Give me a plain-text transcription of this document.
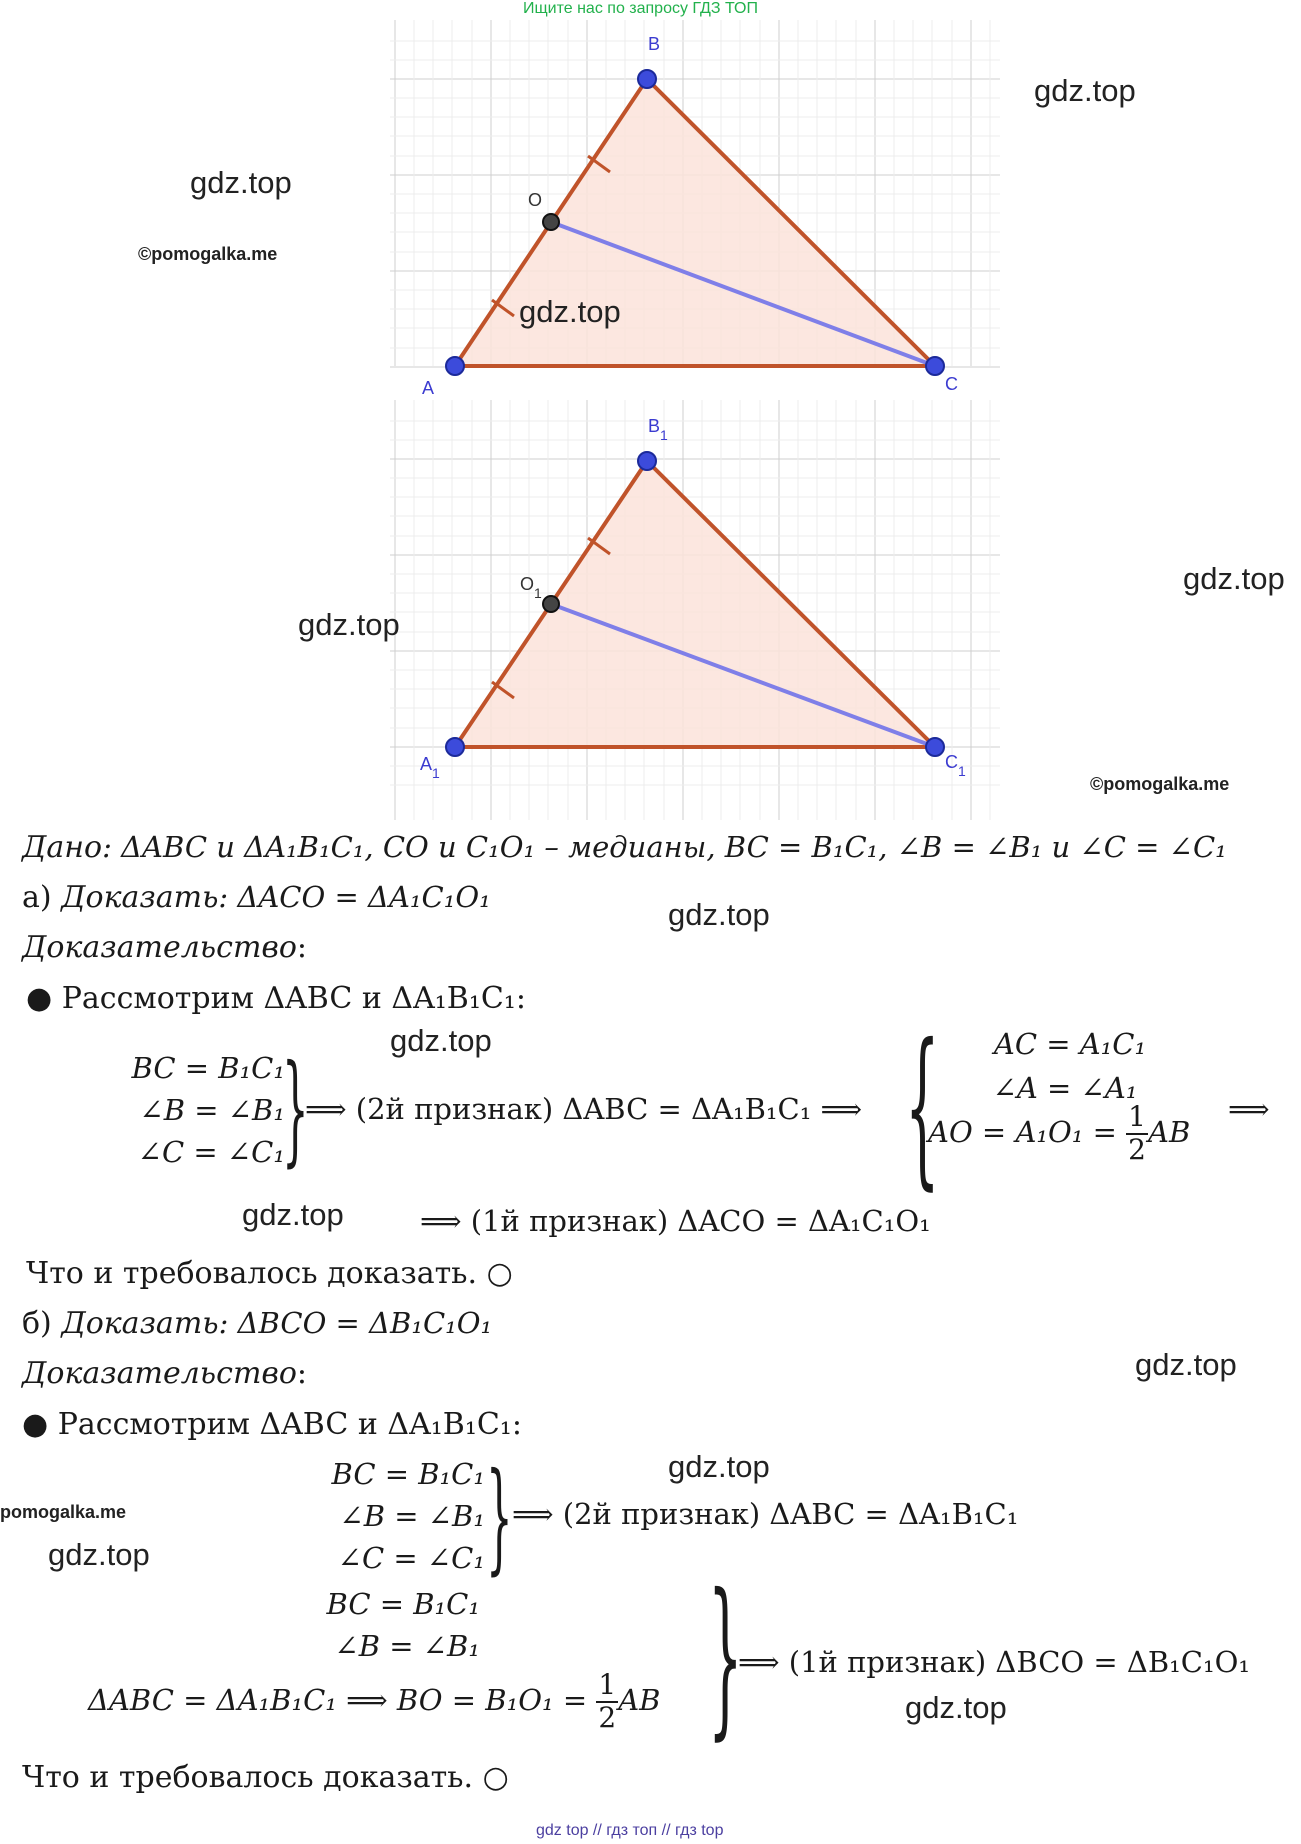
Ищите нас по запросу ГДЗ ТОП
A
B
C
O
$A_1$
$B_1$
$C_1$
$O_1$
gdz.top
gdz.top
©pomogalka.me
gdz.top
gdz.top
gdz.top
©pomogalka.me
Дано: ΔABC и ΔA₁B₁C₁, CO и C₁O₁ – медианы, BC = B₁C₁, ∠B = ∠B₁ и ∠C = ∠C₁
а) Доказать: ΔACO = ΔA₁C₁O₁	gdz.top
Доказательство:
● Рассмотрим ΔABC и ΔA₁B₁C₁:
gdz.top
BC = B₁C₁
∠B = ∠B₁
∠C = ∠C₁
}
⟹ (2й признак) ΔABC = ΔA₁B₁C₁ ⟹ {	AC = A₁C₁
∠A = ∠A₁
AO = $A_1O_1 = \frac{1}{2}$ AB
⟹
gdz.top	⟹ (1й признак) ΔACO = ΔA₁C₁O₁
Что и требовалось доказать. ○
б) Доказать: ΔBCO = ΔB₁C₁O₁
Доказательство:	gdz.top
● Рассмотрим ΔABC и ΔA₁B₁C₁:
gdz.top
BC = B₁C₁
∠B = ∠B₁
∠C = ∠C₁ } ⟹ (2й признак) ΔABC = ΔA₁B₁C₁
pomogalka.me
gdz.top
BC = B₁C₁
∠B = ∠B₁
ΔABC = ΔA₁B₁C₁ ⟹ BO = $B_1O_1 = \frac{1}{2}$ AB }
⟹ (1й признак) ΔBCO = ΔB₁C₁O₁
gdz.top
Что и требовалось доказать. ○
gdz top // гдз топ // гдз top
